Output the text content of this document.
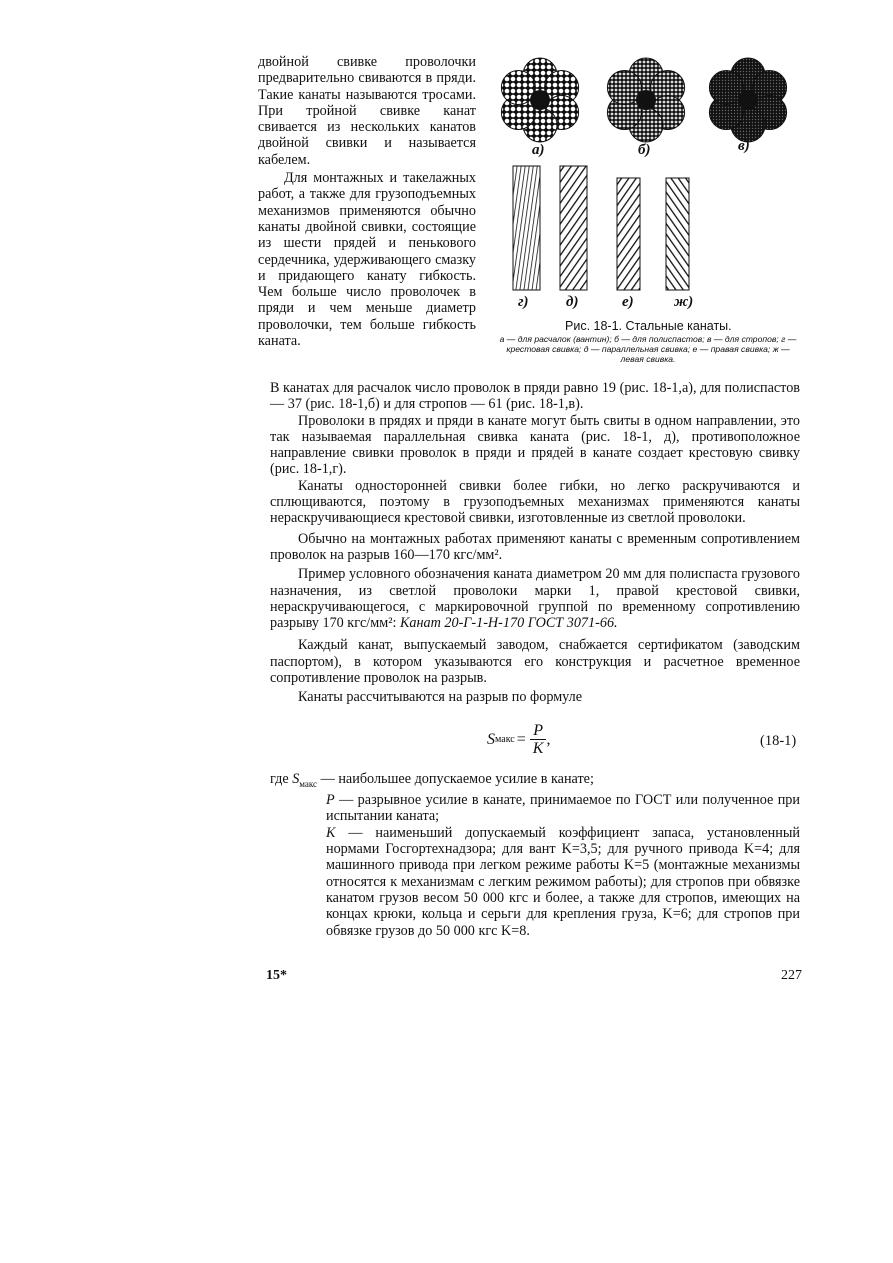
двойной свивке проволочки предварительно свиваются в пряди. Такие канаты называются тросами. При тройной свивке канат свивается из нескольких канатов двойной свивки и называется кабелем.

Для монтажных и такелажных работ, а также для грузоподъемных механизмов применяются обычно канаты двойной свивки, состоящие из шести прядей и пенькового сердечника, удерживающего смазку и придающего канату гибкость. Чем больше число проволочек в пряди и чем меньше диаметр проволочки, тем больше гибкость каната.

а)	б)	в)
г) д)	е)	ж)
Рис. 18-1. Стальные канаты.
а — для расчалок (вантин); б — для полиспастов; в — для стропов; г — крестовая свивка; д — параллельная свивка; е — правая свивка; ж — левая свивка.

В канатах для расчалок число проволок в пряди равно 19 (рис. 18-1,а), для полиспастов — 37 (рис. 18-1,б) и для стропов — 61 (рис. 18-1,в).

Проволоки в прядях и пряди в канате могут быть свиты в одном направлении, это так называемая параллельная свивка каната (рис. 18-1, д), противоположное направление свивки проволок в пряди и прядей в канате создает крестовую свивку (рис. 18-1,г).

Канаты односторонней свивки более гибки, но легко раскручиваются и сплющиваются, поэтому в грузоподъемных механизмах применяются канаты нераскручивающиеся крестовой свивки, изготовленные из светлой проволоки.

Обычно на монтажных работах применяют канаты с временным сопротивлением проволок на разрыв 160—170 кгс/мм².

Пример условного обозначения каната диаметром 20 мм для полиспаста грузового назначения, из светлой проволоки марки 1, правой крестовой свивки, нераскручивающегося, с маркировочной группой по временному сопротивлению разрыву 170 кгс/мм²: Канат 20-Г-1-Н-170 ГОСТ 3071-66.

Каждый канат, выпускаемый заводом, снабжается сертификатом (заводским паспортом), в котором указываются его конструкция и расчетное временное сопротивление проволок на разрыв.

Канаты рассчитываются на разрыв по формуле

S макс = $\frac{P}{K}$ ,	(18-1)
где $S_{макс}$ — наибольшее допускаемое усилие в канате;
P — разрывное усилие в канате, принимаемое по ГОСТ или полученное при испытании каната;
K — наименьший допускаемый коэффициент запаса, установленный нормами Госгортехнадзора; для вант K=3,5; для ручного привода K=4; для машинного привода при легком режиме работы K=5 (монтажные механизмы относятся к механизмам с легким режимом работы); для стропов при обвязке канатом грузов весом 50 000 кгс и более, а также для стропов, имеющих на концах крюки, кольца и серьги для крепления груза, K=6; для стропов при обвязке грузов до 50 000 кгс K=8.
15*	227
